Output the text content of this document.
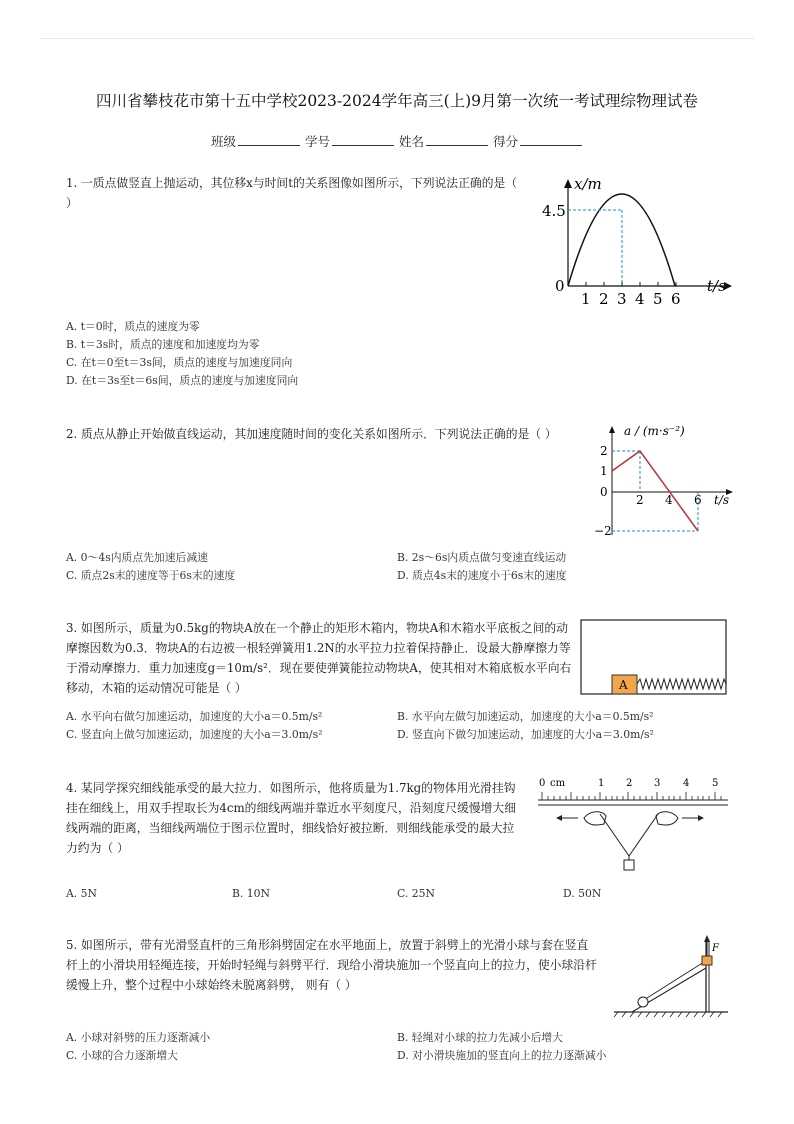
四川省攀枝花市第十五中学校2023-2024学年高三(上)9月第一次统一考试理综物理试卷
班级	学号	姓名	得分
1. 一质点做竖直上抛运动，其位移x与时间t的关系图像如图所示，下列说法正确的是（ ）
x/m
t/s
4.5
0
1 2 3 4 5 6
A. t＝0时，质点的速度为零
B. t＝3s时，质点的速度和加速度均为零
C. 在t＝0至t＝3s间，质点的速度与加速度同向
D. 在t＝3s至t＝6s间，质点的速度与加速度同向
2. 质点从静止开始做直线运动，其加速度随时间的变化关系如图所示．下列说法正确的是（ ）	a / (m·s⁻²)
t/s
2
1
0
−2
2 4 6
A. 0～4s内质点先加速后减速	B. 2s～6s内质点做匀变速直线运动
C. 质点2s末的速度等于6s末的速度	D. 质点4s末的速度小于6s末的速度
3. 如图所示，质量为0.5kg的物块A放在一个静止的矩形木箱内，物块A和木箱水平底板之间的动摩擦因数为0.3．物块A的右边被一根轻弹簧用1.2N的水平拉力拉着保持静止．设最大静摩擦力等于滑动摩擦力．重力加速度g＝10m/s²．现在要使弹簧能拉动物块A，使其相对木箱底板水平向右移动，木箱的运动情况可能是（ ）	A
A. 水平向右做匀加速运动，加速度的大小a＝0.5m/s²	B. 水平向左做匀加速运动，加速度的大小a＝0.5m/s²
C. 竖直向上做匀加速运动，加速度的大小a＝3.0m/s²	D. 竖直向下做匀加速运动，加速度的大小a＝3.0m/s²
4. 某同学探究细线能承受的最大拉力．如图所示，他将质量为1.7kg的物体用光滑挂钩挂在细线上，用双手捏取长为4cm的细线两端并靠近水平刻度尺，沿刻度尺缓慢增大细线两端的距离，当细线两端位于图示位置时，细线恰好被拉断．则细线能承受的最大拉力约为（ ）
0 cm	1 2 3 4 5
A. 5N	B. 10N	C. 25N	D. 50N
5. 如图所示，带有光滑竖直杆的三角形斜劈固定在水平地面上，放置于斜劈上的光滑小球与套在竖直杆上的小滑块用轻绳连接，开始时轻绳与斜劈平行．现给小滑块施加一个竖直向上的拉力，使小球沿杆缓慢上升，整个过程中小球始终未脱离斜劈， 则有（ ）
F
A. 小球对斜劈的压力逐渐减小	B. 轻绳对小球的拉力先减小后增大
C. 小球的合力逐渐增大	D. 对小滑块施加的竖直向上的拉力逐渐减小
